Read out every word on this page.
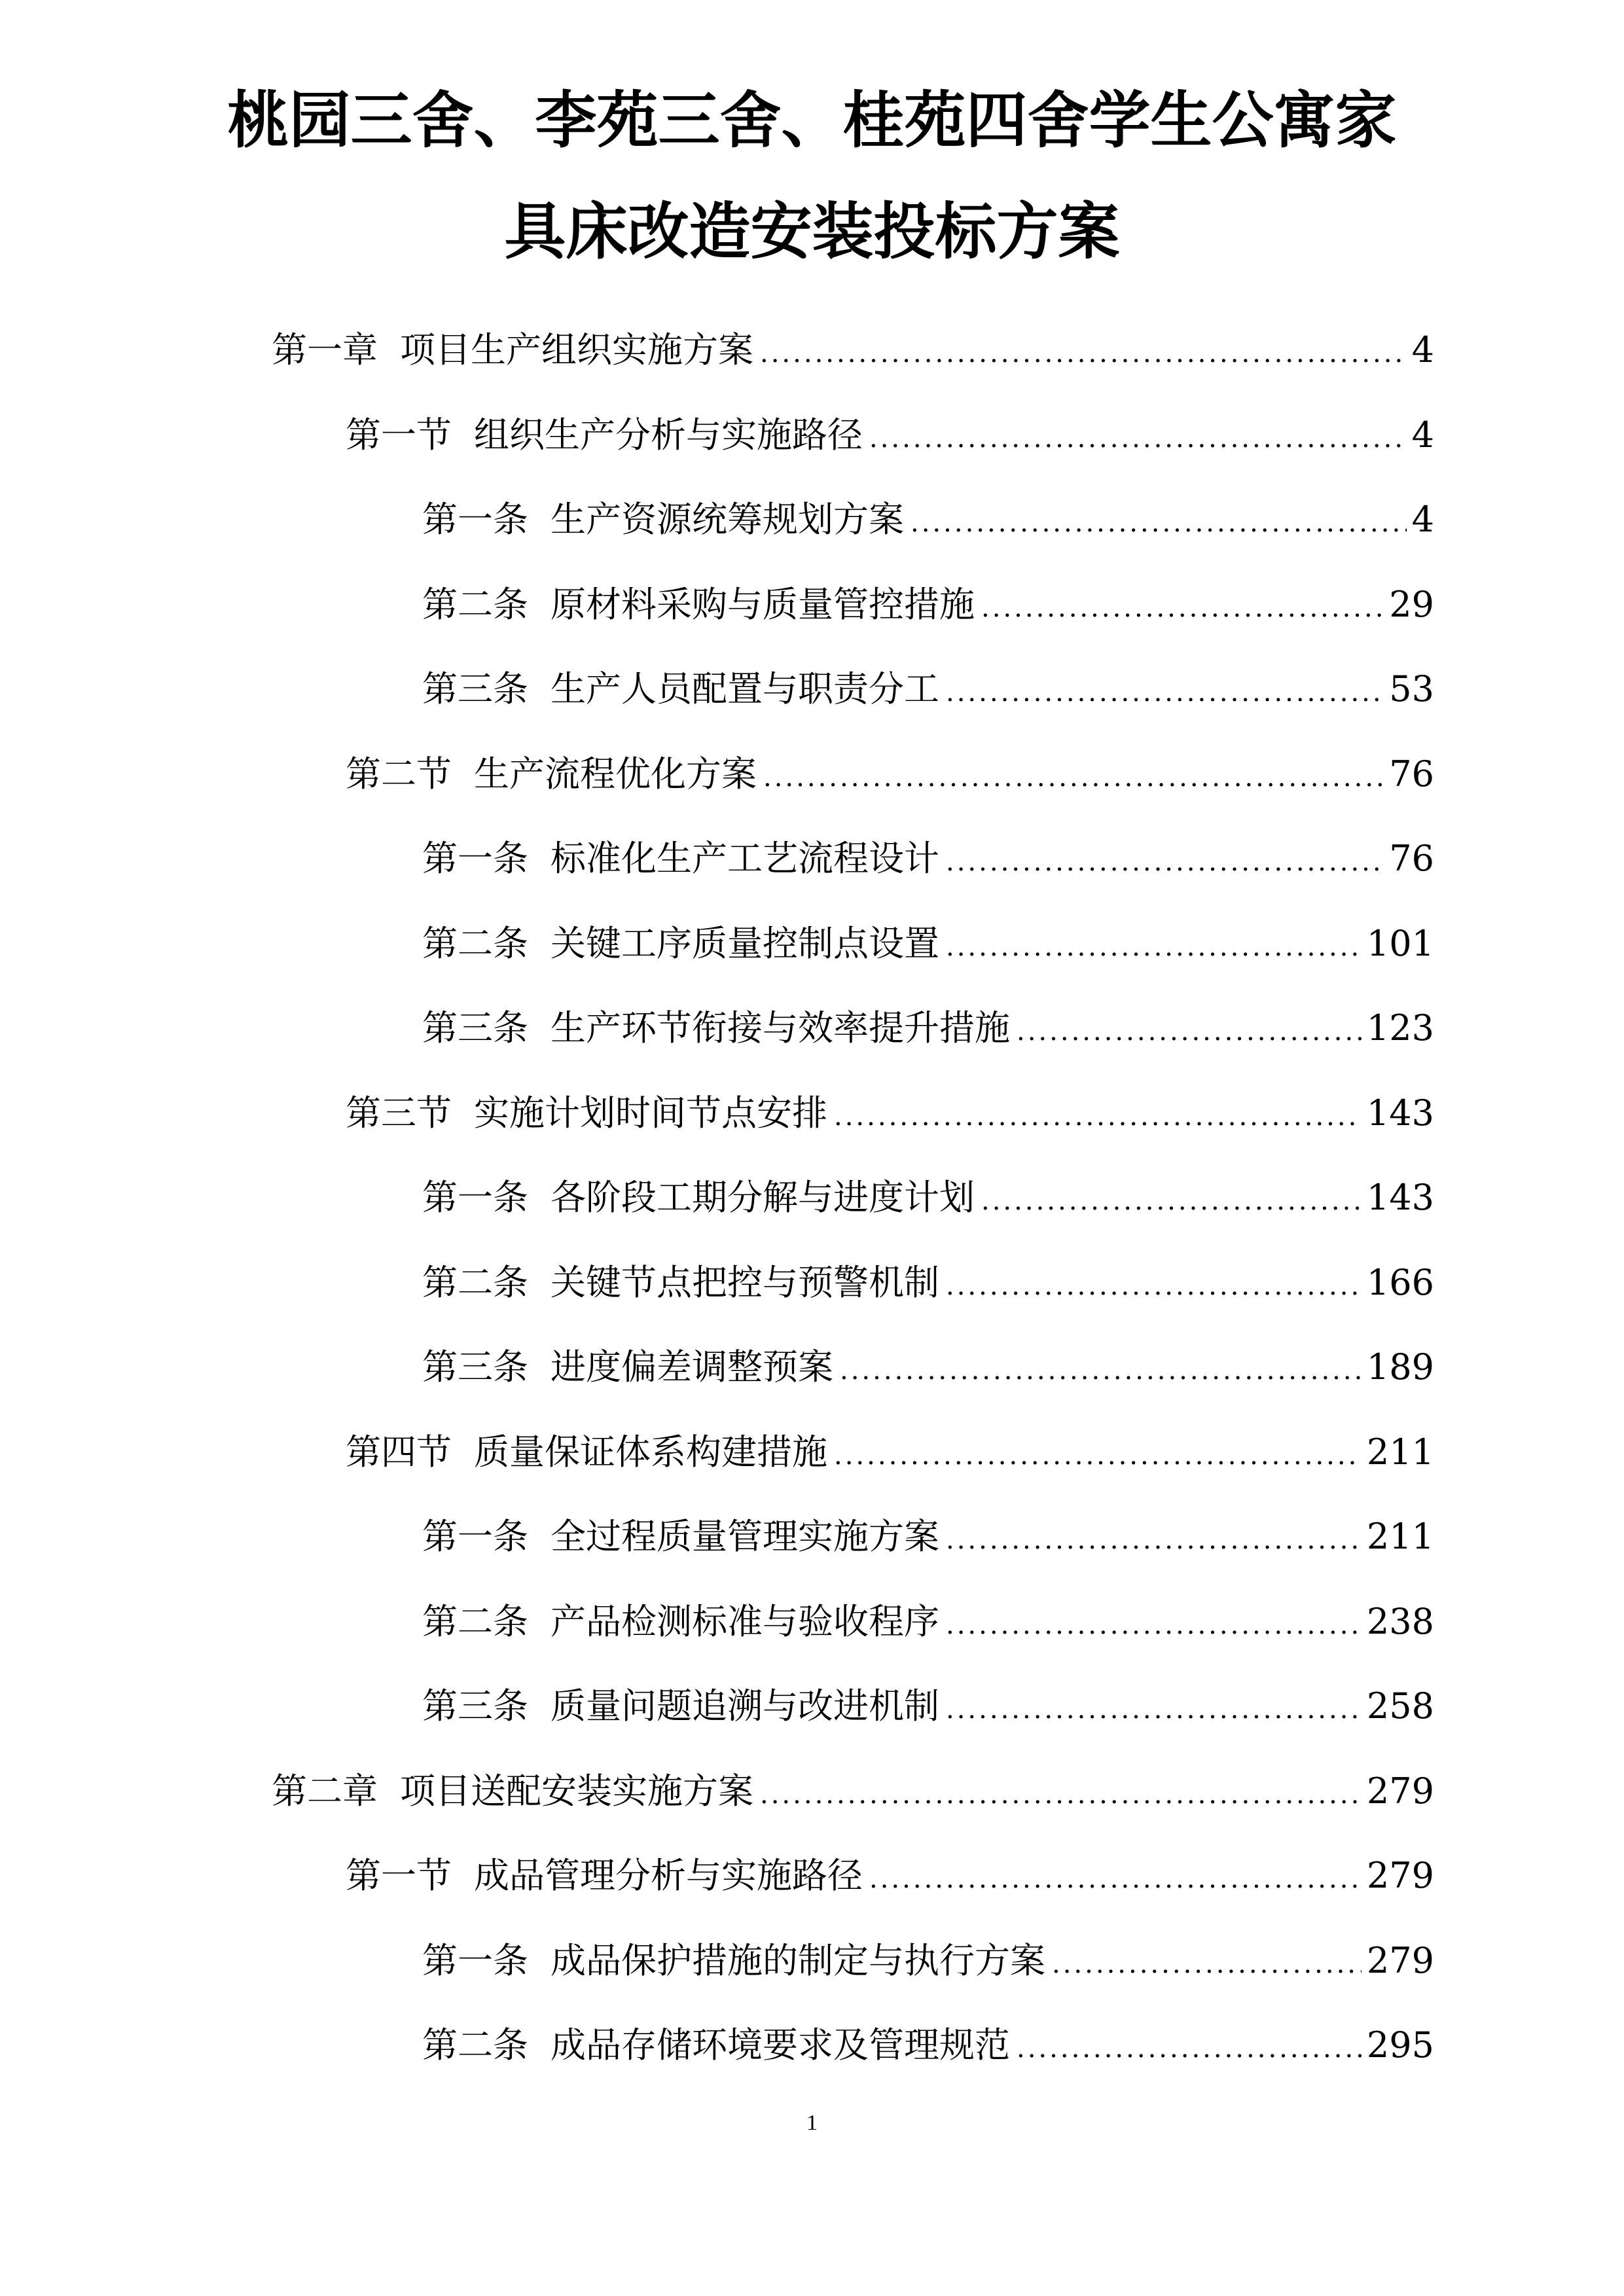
桃园三舍、李苑三舍、桂苑四舍学生公寓家
具床改造安装投标方案
第一章 项目生产组织实施方案 .....	4
第一节 组织生产分析与实施路径 .....	4
第一条 生产资源统筹规划方案 .....	4
第二条 原材料采购与质量管控措施 .....	29
第三条 生产人员配置与职责分工 .....	53
第二节 生产流程优化方案 .....	76
第一条 标准化生产工艺流程设计 .....	76
第二条 关键工序质量控制点设置 .....	101
第三条 生产环节衔接与效率提升措施 .....	123
第三节 实施计划时间节点安排 .....	143
第一条 各阶段工期分解与进度计划 .....	143
第二条 关键节点把控与预警机制 .....	166
第三条 进度偏差调整预案 .....	189
第四节 质量保证体系构建措施 .....	211
第一条 全过程质量管理实施方案 .....	211
第二条 产品检测标准与验收程序 .....	238
第三条 质量问题追溯与改进机制 .....	258
第二章 项目送配安装实施方案 .....	279
第一节 成品管理分析与实施路径 .....	279
第一条 成品保护措施的制定与执行方案 .....	279
第二条 成品存储环境要求及管理规范 .....	295
1
